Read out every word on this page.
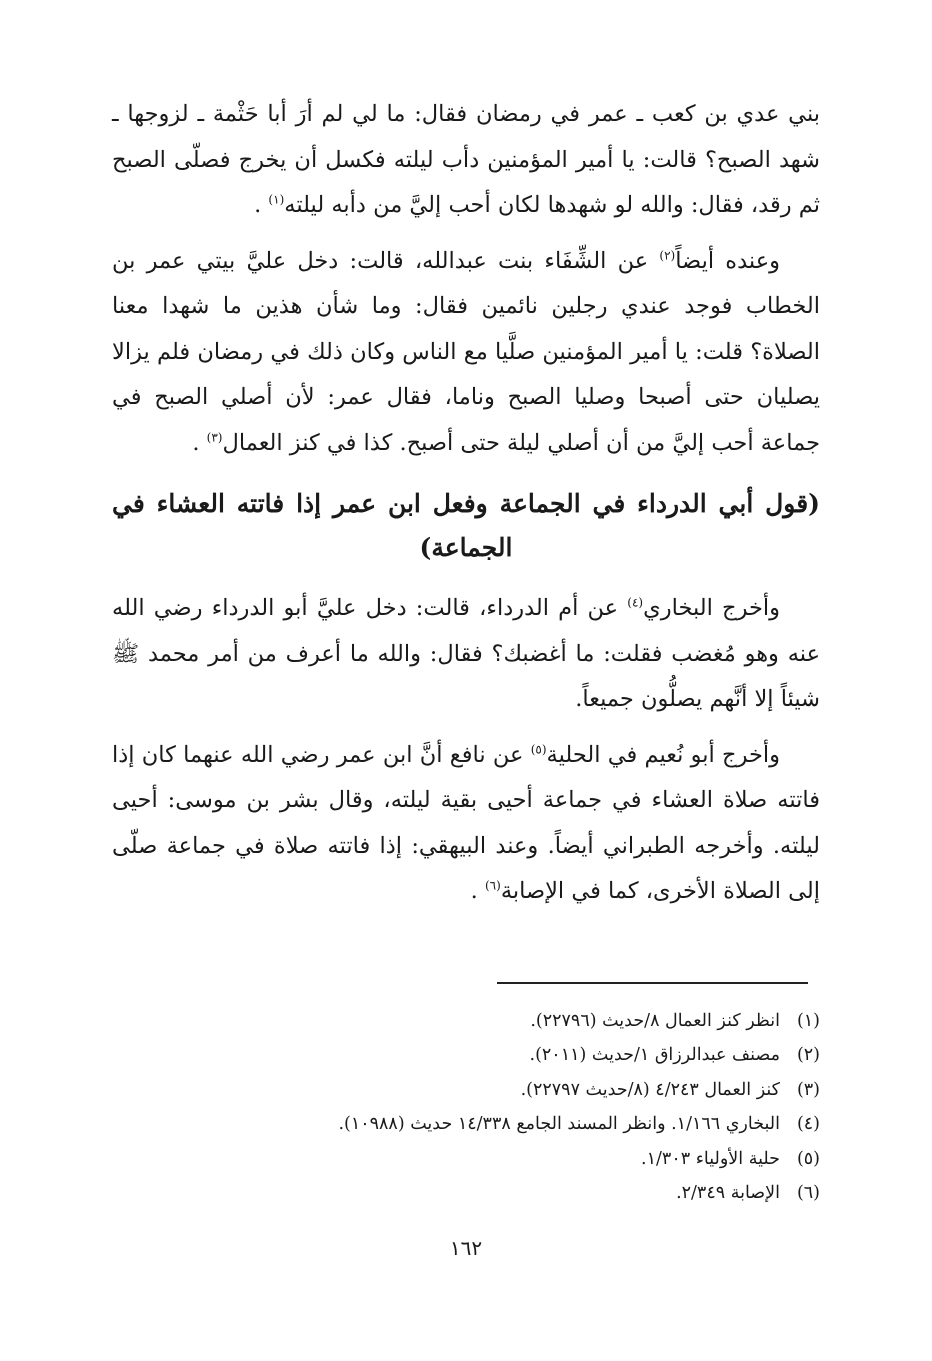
بني عدي بن كعب ـ عمر في رمضان فقال: ما لي لم أرَ أبا حَثْمة ـ لزوجها ـ شهد الصبح؟ قالت: يا أمير المؤمنين دأب ليلته فكسل أن يخرج فصلّى الصبح ثم رقد، فقال: والله لو شهدها لكان أحب إليَّ من دأبه ليلته$^{(١)}$ .

وعنده أيضاً$^{(٢)}$ عن الشِّفَاء بنت عبدالله، قالت: دخل عليَّ بيتي عمر بن الخطاب فوجد عندي رجلين نائمين فقال: وما شأن هذين ما شهدا معنا الصلاة؟ قلت: يا أمير المؤمنين صلَّيا مع الناس وكان ذلك في رمضان فلم يزالا يصليان حتى أصبحا وصليا الصبح وناما، فقال عمر: لأن أصلي الصبح في جماعة أحب إليَّ من أن أصلي ليلة حتى أصبح. كذا في كنز العمال$^{(٣)}$ .

(قول أبي الدرداء في الجماعة وفعل ابن عمر إذا فاتته العشاء في الجماعة)

وأخرج البخاري$^{(٤)}$ عن أم الدرداء، قالت: دخل عليَّ أبو الدرداء رضي الله عنه وهو مُغضب فقلت: ما أغضبك؟ فقال: والله ما أعرف من أمر محمد ﷺ شيئاً إلا أنَّهم يصلُّون جميعاً.

وأخرج أبو نُعيم في الحلية$^{(٥)}$ عن نافع أنَّ ابن عمر رضي الله عنهما كان إذا فاتته صلاة العشاء في جماعة أحيى بقية ليلته، وقال بشر بن موسى: أحيى ليلته. وأخرجه الطبراني أيضاً. وعند البيهقي: إذا فاتته صلاة في جماعة صلّى إلى الصلاة الأخرى، كما في الإصابة$^{(٦)}$ .

(١)انظر كنز العمال ٨/حديث (٢٢٧٩٦).
(٢)مصنف عبدالرزاق ١/حديث (٢٠١١).
(٣)كنز العمال ٤/٢٤٣ (٨/حديث ٢٢٧٩٧).
(٤)البخاري ١/١٦٦. وانظر المسند الجامع ١٤/٣٣٨ حديث (١٠٩٨٨).
(٥)حلية الأولياء ١/٣٠٣.
(٦)الإصابة ٢/٣٤٩.
١٦٢
